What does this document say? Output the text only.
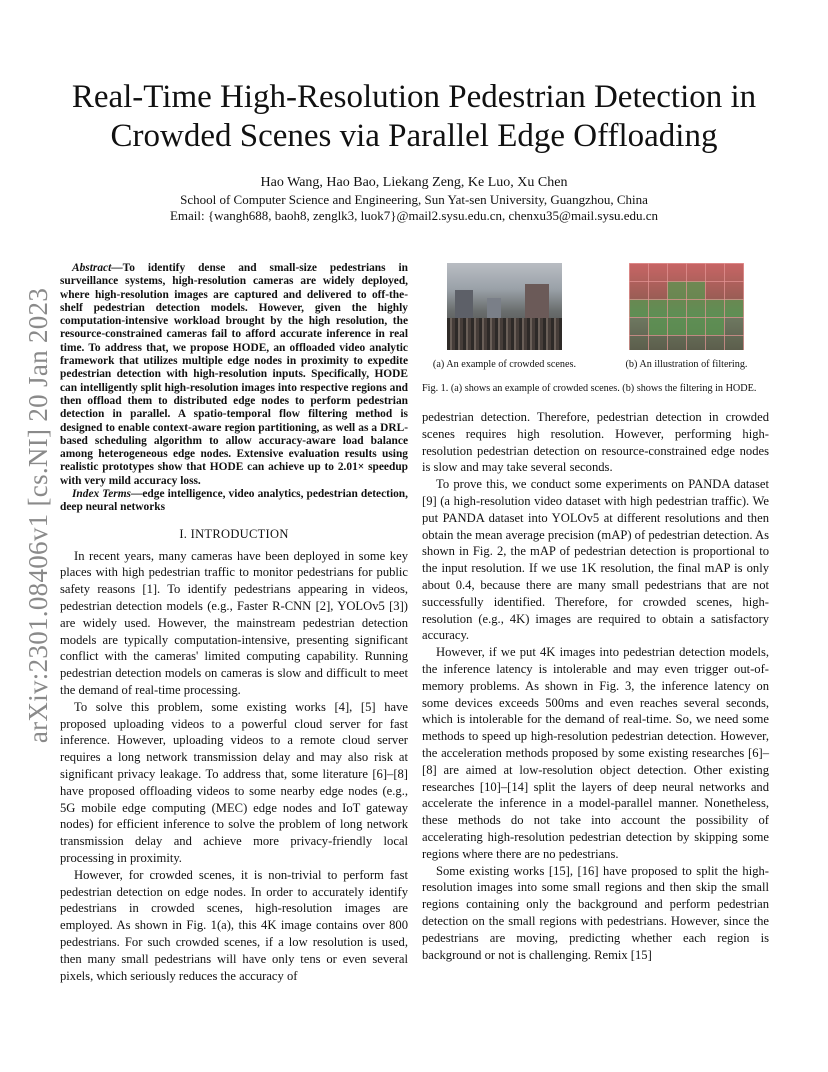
arXiv:2301.08406v1 [cs.NI] 20 Jan 2023
Real-Time High-Resolution Pedestrian Detection in
Crowded Scenes via Parallel Edge Offloading
Hao Wang, Hao Bao, Liekang Zeng, Ke Luo, Xu Chen
School of Computer Science and Engineering, Sun Yat-sen University, Guangzhou, China
Email: {wangh688, baoh8, zenglk3, luok7}@mail2.sysu.edu.cn, chenxu35@mail.sysu.edu.cn

Abstract—To identify dense and small-size pedestrians in surveillance systems, high-resolution cameras are widely deployed, where high-resolution images are captured and delivered to off-the-shelf pedestrian detection models. However, given the highly computation-intensive workload brought by the high resolution, the resource-constrained cameras fail to afford accurate inference in real time. To address that, we propose HODE, an offloaded video analytic framework that utilizes multiple edge nodes in proximity to expedite pedestrian detection with high-resolution inputs. Specifically, HODE can intelligently split high-resolution images into respective regions and then offload them to distributed edge nodes to perform pedestrian detection in parallel. A spatio-temporal flow filtering method is designed to enable context-aware region partitioning, as well as a DRL-based scheduling algorithm to allow accuracy-aware load balance among heterogeneous edge nodes. Extensive evaluation results using realistic prototypes show that HODE can achieve up to 2.01× speedup with very mild accuracy loss.

Index Terms—edge intelligence, video analytics, pedestrian detection, deep neural networks

I. INTRODUCTION

In recent years, many cameras have been deployed in some key places with high pedestrian traffic to monitor pedestrians for public safety reasons [1]. To identify pedestrians appearing in videos, pedestrian detection models (e.g., Faster R-CNN [2], YOLOv5 [3]) are widely used. However, the mainstream pedestrian detection models are typically computation-intensive, presenting significant conflict with the cameras' limited computing capability. Running pedestrian detection models on cameras is slow and difficult to meet the demand of real-time processing.

To solve this problem, some existing works [4], [5] have proposed uploading videos to a powerful cloud server for fast inference. However, uploading videos to a remote cloud server requires a long network transmission delay and may also risk at significant privacy leakage. To address that, some literature [6]–[8] have proposed offloading videos to some nearby edge nodes (e.g., 5G mobile edge computing (MEC) edge nodes and IoT gateway nodes) for efficient inference to solve the problem of long network transmission delay and achieve more privacy-friendly local processing in proximity.

However, for crowded scenes, it is non-trivial to perform fast pedestrian detection on edge nodes. In order to accurately identify pedestrians in crowded scenes, high-resolution images are employed. As shown in Fig. 1(a), this 4K image contains over 800 pedestrians. For such crowded scenes, if a low resolution is used, then many small pedestrians will have only tens or even several pixels, which seriously reduces the accuracy of

(a) An example of crowded scenes.	(b) An illustration of filtering.
Fig. 1. (a) shows an example of crowded scenes. (b) shows the filtering in HODE.

pedestrian detection. Therefore, pedestrian detection in crowded scenes requires high resolution. However, performing high-resolution pedestrian detection on resource-constrained edge nodes is slow and may take several seconds.

To prove this, we conduct some experiments on PANDA dataset [9] (a high-resolution video dataset with high pedestrian traffic). We put PANDA dataset into YOLOv5 at different resolutions and then obtain the mean average precision (mAP) of pedestrian detection. As shown in Fig. 2, the mAP of pedestrian detection is proportional to the input resolution. If we use 1K resolution, the final mAP is only about 0.4, because there are many small pedestrians that are not successfully identified. Therefore, for crowded scenes, high-resolution (e.g., 4K) images are required to obtain a satisfactory accuracy.

However, if we put 4K images into pedestrian detection models, the inference latency is intolerable and may even trigger out-of-memory problems. As shown in Fig. 3, the inference latency on some devices exceeds 500ms and even reaches several seconds, which is intolerable for the demand of real-time. So, we need some methods to speed up high-resolution pedestrian detection. However, the acceleration methods proposed by some existing researches [6]–[8] are aimed at low-resolution object detection. Other existing researches [10]–[14] split the layers of deep neural networks and accelerate the inference in a model-parallel manner. Nonetheless, these methods do not take into account the possibility of accelerating high-resolution pedestrian detection by skipping some regions where there are no pedestrians.

Some existing works [15], [16] have proposed to split the high-resolution images into some small regions and then skip the small regions containing only the background and perform pedestrian detection on the small regions with pedestrians. However, since the pedestrians are moving, predicting whether each region is background or not is challenging. Remix [15]
